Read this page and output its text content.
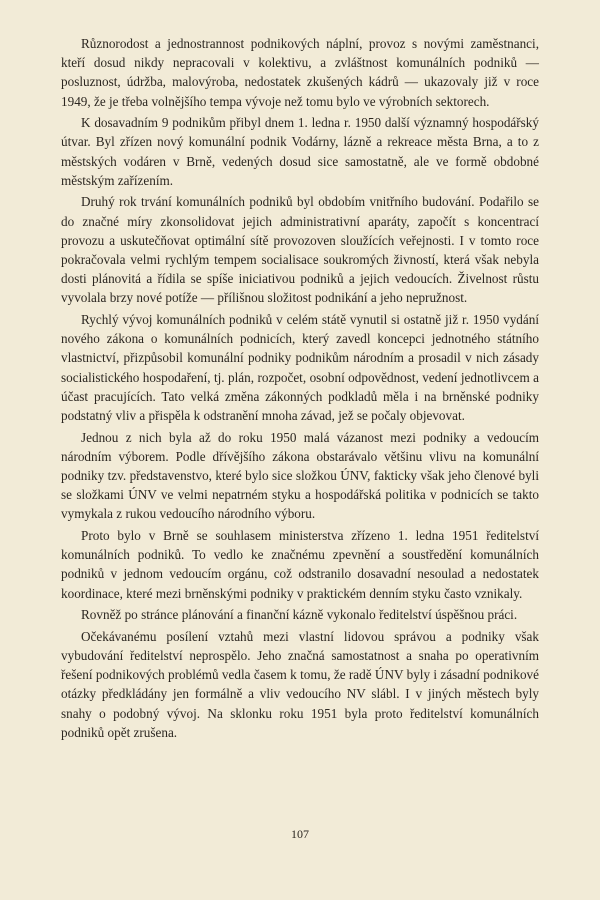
Různorodost a jednostrannost podnikových náplní, provoz s novými zaměstnanci, kteří dosud nikdy nepracovali v kolektivu, a zvláštnost komunálních podniků — posluznost, údržba, malovýroba, nedostatek zkušených kádrů — ukazovaly již v roce 1949, že je třeba volnějšího tempa vývoje než tomu bylo ve výrobních sektorech.

K dosavadním 9 podnikům přibyl dnem 1. ledna r. 1950 další významný hospodářský útvar. Byl zřízen nový komunální podnik Vodárny, lázně a rekreace města Brna, a to z městských vodáren v Brně, vedených dosud sice samostatně, ale ve formě obdobné městským zařízením.

Druhý rok trvání komunálních podniků byl obdobím vnitřního budování. Podařilo se do značné míry zkonsolidovat jejich administrativní aparáty, započít s koncentrací provozu a uskutečňovat optimální sítě provozoven sloužících veřejnosti. I v tomto roce pokračovala velmi rychlým tempem socialisace soukromých živností, která však nebyla dosti plánovitá a řídila se spíše iniciativou podniků a jejich vedoucích. Živelnost růstu vyvolala brzy nové potíže — přílišnou složitost podnikání a jeho nepružnost.

Rychlý vývoj komunálních podniků v celém státě vynutil si ostatně již r. 1950 vydání nového zákona o komunálních podnicích, který zavedl koncepci jednotného státního vlastnictví, přizpůsobil komunální podniky podnikům národním a prosadil v nich zásady socialistického hospodaření, tj. plán, rozpočet, osobní odpovědnost, vedení jednotlivcem a účast pracujících. Tato velká změna zákonných podkladů měla i na brněnské podniky podstatný vliv a přispěla k odstranění mnoha závad, jež se počaly objevovat.

Jednou z nich byla až do roku 1950 malá vázanost mezi podniky a vedoucím národním výborem. Podle dřívějšího zákona obstarávalo většinu vlivu na komunální podniky tzv. představenstvo, které bylo sice složkou ÚNV, fakticky však jeho členové byli se složkami ÚNV ve velmi nepatrném styku a hospodářská politika v podnicích se takto vymykala z rukou vedoucího národního výboru.

Proto bylo v Brně se souhlasem ministerstva zřízeno 1. ledna 1951 ředitelství komunálních podniků. To vedlo ke značnému zpevnění a soustředění komunálních podniků v jednom vedoucím orgánu, což odstranilo dosavadní nesoulad a nedostatek koordinace, které mezi brněnskými podniky v praktickém denním styku často vznikaly.

Rovněž po stránce plánování a finanční kázně vykonalo ředitelství úspěšnou práci.

Očekávanému posílení vztahů mezi vlastní lidovou správou a podniky však vybudování ředitelství neprospělo. Jeho značná samostatnost a snaha po operativním řešení podnikových problémů vedla časem k tomu, že radě ÚNV byly i zásadní podnikové otázky předkládány jen formálně a vliv vedoucího NV slábl. I v jiných městech byly snahy o podobný vývoj. Na sklonku roku 1951 byla proto ředitelství komunálních podniků opět zrušena.

107
